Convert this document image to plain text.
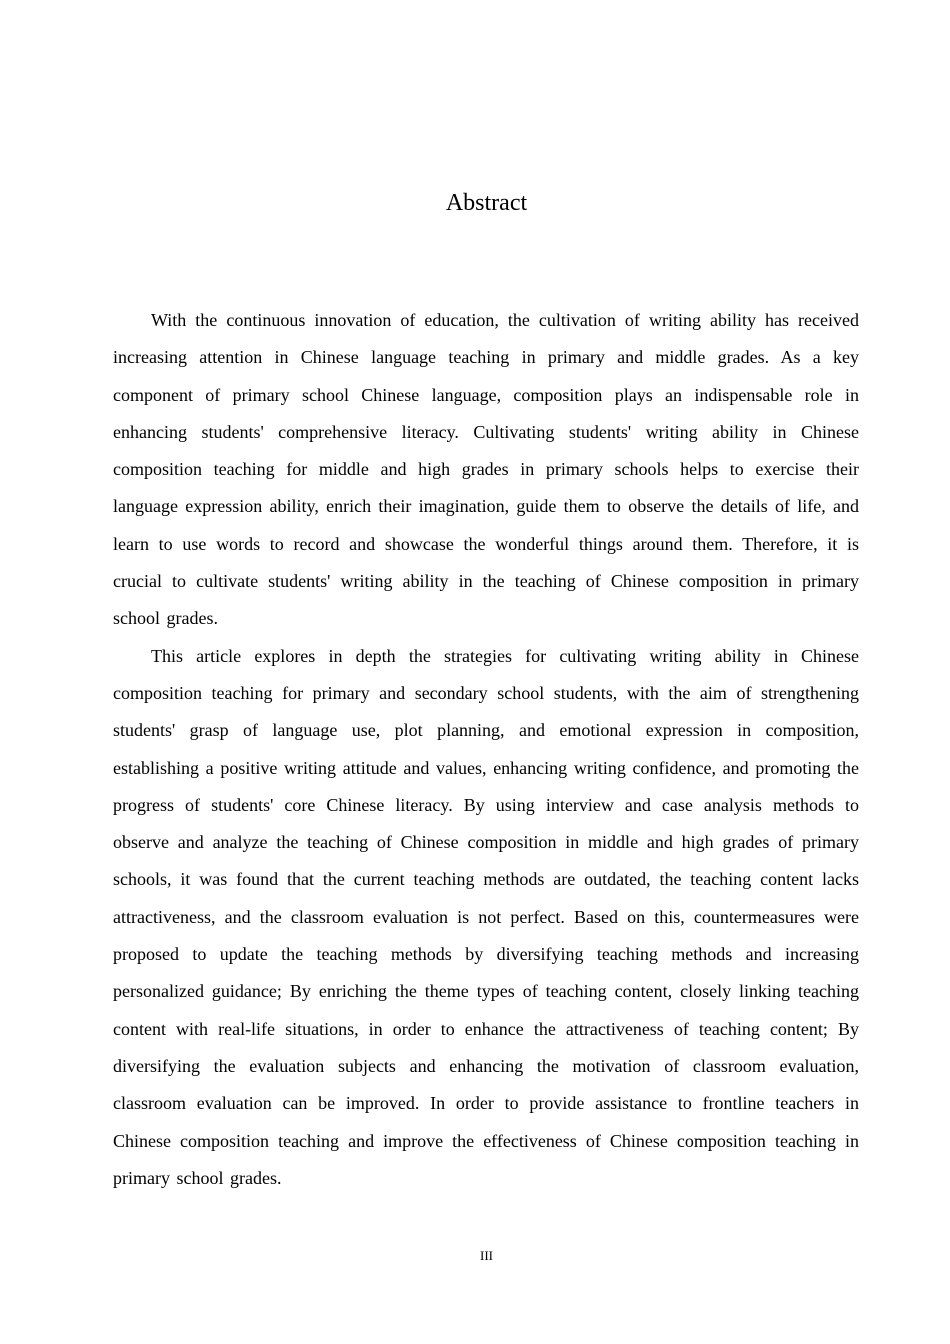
Abstract

With the continuous innovation of education, the cultivation of writing ability has received increasing attention in Chinese language teaching in primary and middle grades. As a key component of primary school Chinese language, composition plays an indispensable role in enhancing students' comprehensive literacy. Cultivating students' writing ability in Chinese composition teaching for middle and high grades in primary schools helps to exercise their language expression ability, enrich their imagination, guide them to observe the details of life, and learn to use words to record and showcase the wonderful things around them. Therefore, it is crucial to cultivate students' writing ability in the teaching of Chinese composition in primary school grades.

This article explores in depth the strategies for cultivating writing ability in Chinese composition teaching for primary and secondary school students, with the aim of strengthening students' grasp of language use, plot planning, and emotional expression in composition, establishing a positive writing attitude and values, enhancing writing confidence, and promoting the progress of students' core Chinese literacy. By using interview and case analysis methods to observe and analyze the teaching of Chinese composition in middle and high grades of primary schools, it was found that the current teaching methods are outdated, the teaching content lacks attractiveness, and the classroom evaluation is not perfect. Based on this, countermeasures were proposed to update the teaching methods by diversifying teaching methods and increasing personalized guidance; By enriching the theme types of teaching content, closely linking teaching content with real-life situations, in order to enhance the attractiveness of teaching content; By diversifying the evaluation subjects and enhancing the motivation of classroom evaluation, classroom evaluation can be improved. In order to provide assistance to frontline teachers in Chinese composition teaching and improve the effectiveness of Chinese composition teaching in primary school grades.

III
